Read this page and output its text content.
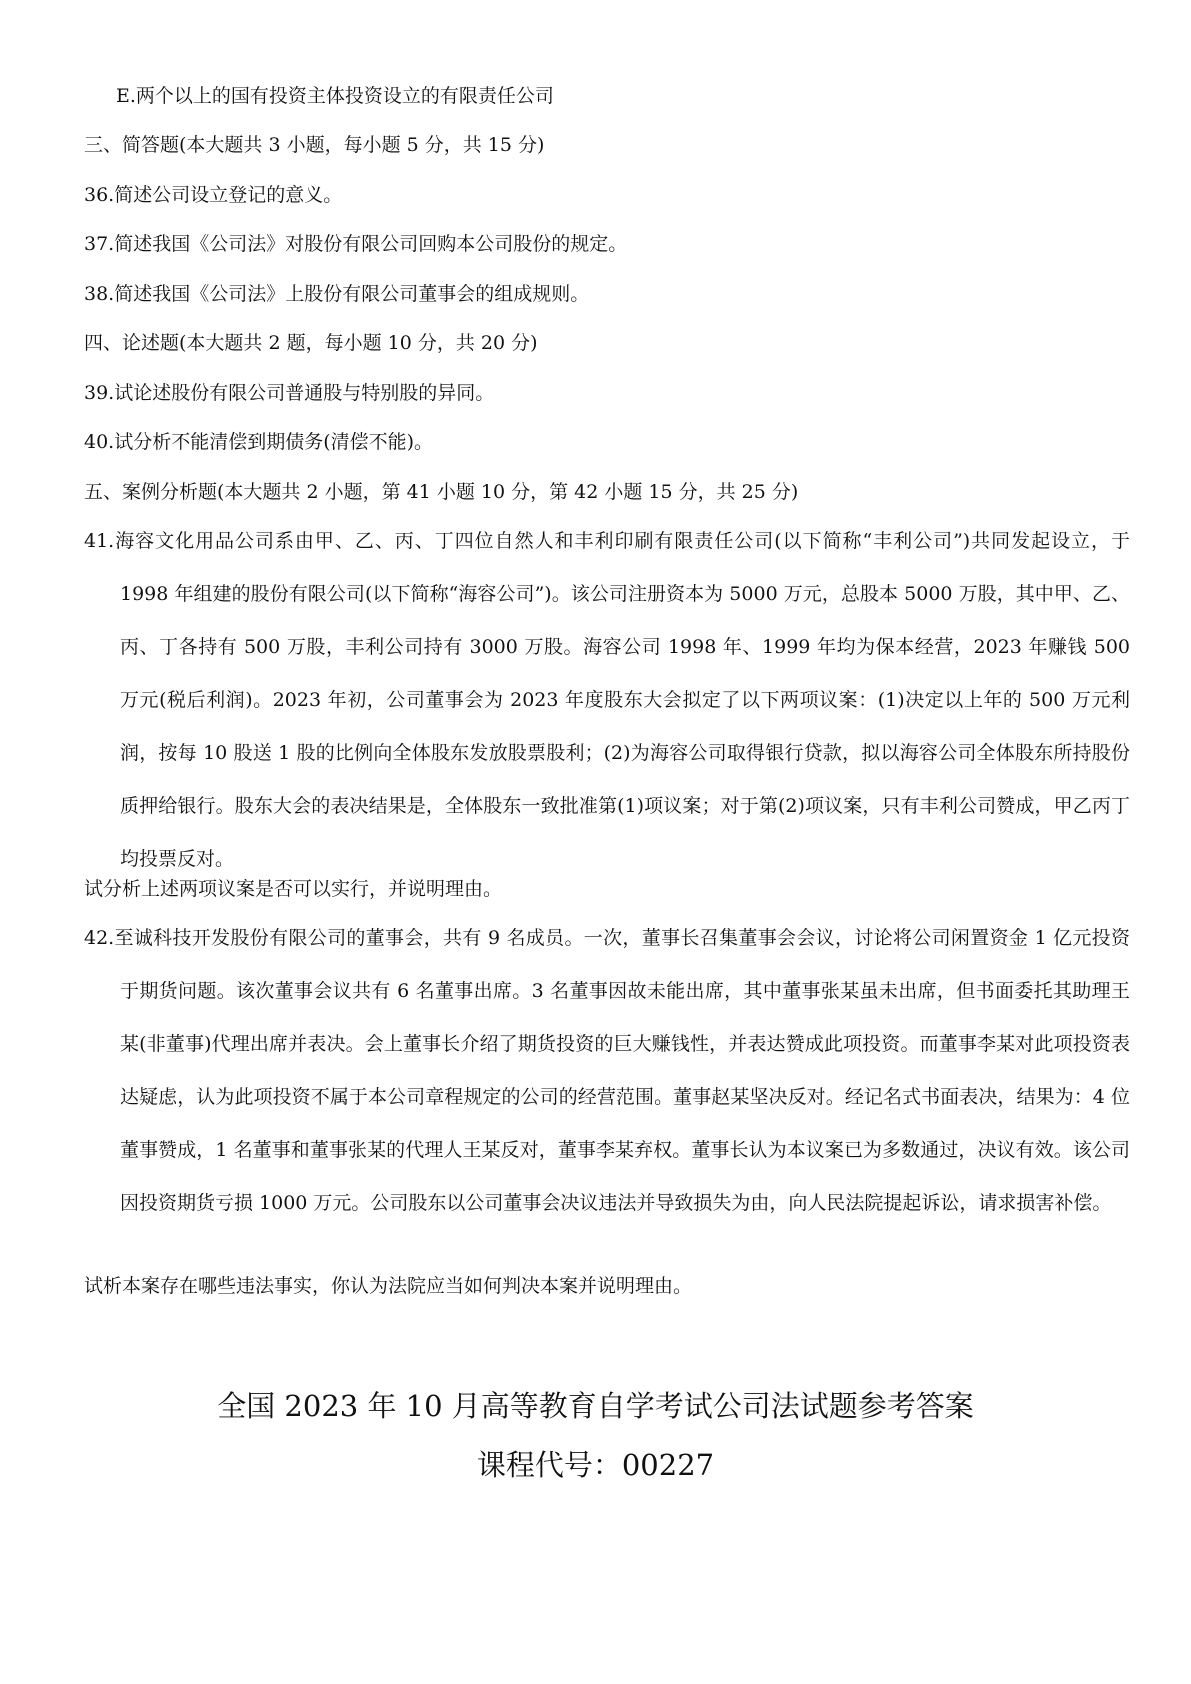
E.两个以上的国有投资主体投资设立的有限责任公司
三、简答题(本大题共 3 小题，每小题 5 分，共 15 分)
36.简述公司设立登记的意义。
37.简述我国《公司法》对股份有限公司回购本公司股份的规定。
38.简述我国《公司法》上股份有限公司董事会的组成规则。
四、论述题(本大题共 2 题，每小题 10 分，共 20 分)
39.试论述股份有限公司普通股与特别股的异同。
40.试分析不能清偿到期债务(清偿不能)。
五、案例分析题(本大题共 2 小题，第 41 小题 10 分，第 42 小题 15 分，共 25 分)
41.海容文化用品公司系由甲、乙、丙、丁四位自然人和丰利印刷有限责任公司(以下简称“丰利公司”)共同发起设立，于 1998 年组建的股份有限公司(以下简称“海容公司”)。该公司注册资本为 5000 万元，总股本 5000 万股，其中甲、乙、丙、丁各持有 500 万股，丰利公司持有 3000 万股。海容公司 1998 年、1999 年均为保本经营，2023 年赚钱 500 万元(税后利润)。2023 年初，公司董事会为 2023 年度股东大会拟定了以下两项议案：(1)决定以上年的 500 万元利润，按每 10 股送 1 股的比例向全体股东发放股票股利；(2)为海容公司取得银行贷款，拟以海容公司全体股东所持股份质押给银行。股东大会的表决结果是，全体股东一致批准第(1)项议案；对于第(2)项议案，只有丰利公司赞成，甲乙丙丁均投票反对。
试分析上述两项议案是否可以实行，并说明理由。
42.至诚科技开发股份有限公司的董事会，共有 9 名成员。一次，董事长召集董事会会议，讨论将公司闲置资金 1 亿元投资于期货问题。该次董事会议共有 6 名董事出席。3 名董事因故未能出席，其中董事张某虽未出席，但书面委托其助理王某(非董事)代理出席并表决。会上董事长介绍了期货投资的巨大赚钱性，并表达赞成此项投资。而董事李某对此项投资表达疑虑，认为此项投资不属于本公司章程规定的公司的经营范围。董事赵某坚决反对。经记名式书面表决，结果为：4 位董事赞成，1 名董事和董事张某的代理人王某反对，董事李某弃权。董事长认为本议案已为多数通过，决议有效。该公司因投资期货亏损 1000 万元。公司股东以公司董事会决议违法并导致损失为由，向人民法院提起诉讼，请求损害补偿。
试析本案存在哪些违法事实，你认为法院应当如何判决本案并说明理由。
全国 2023 年 10 月高等教育自学考试公司法试题参考答案
课程代号：00227
